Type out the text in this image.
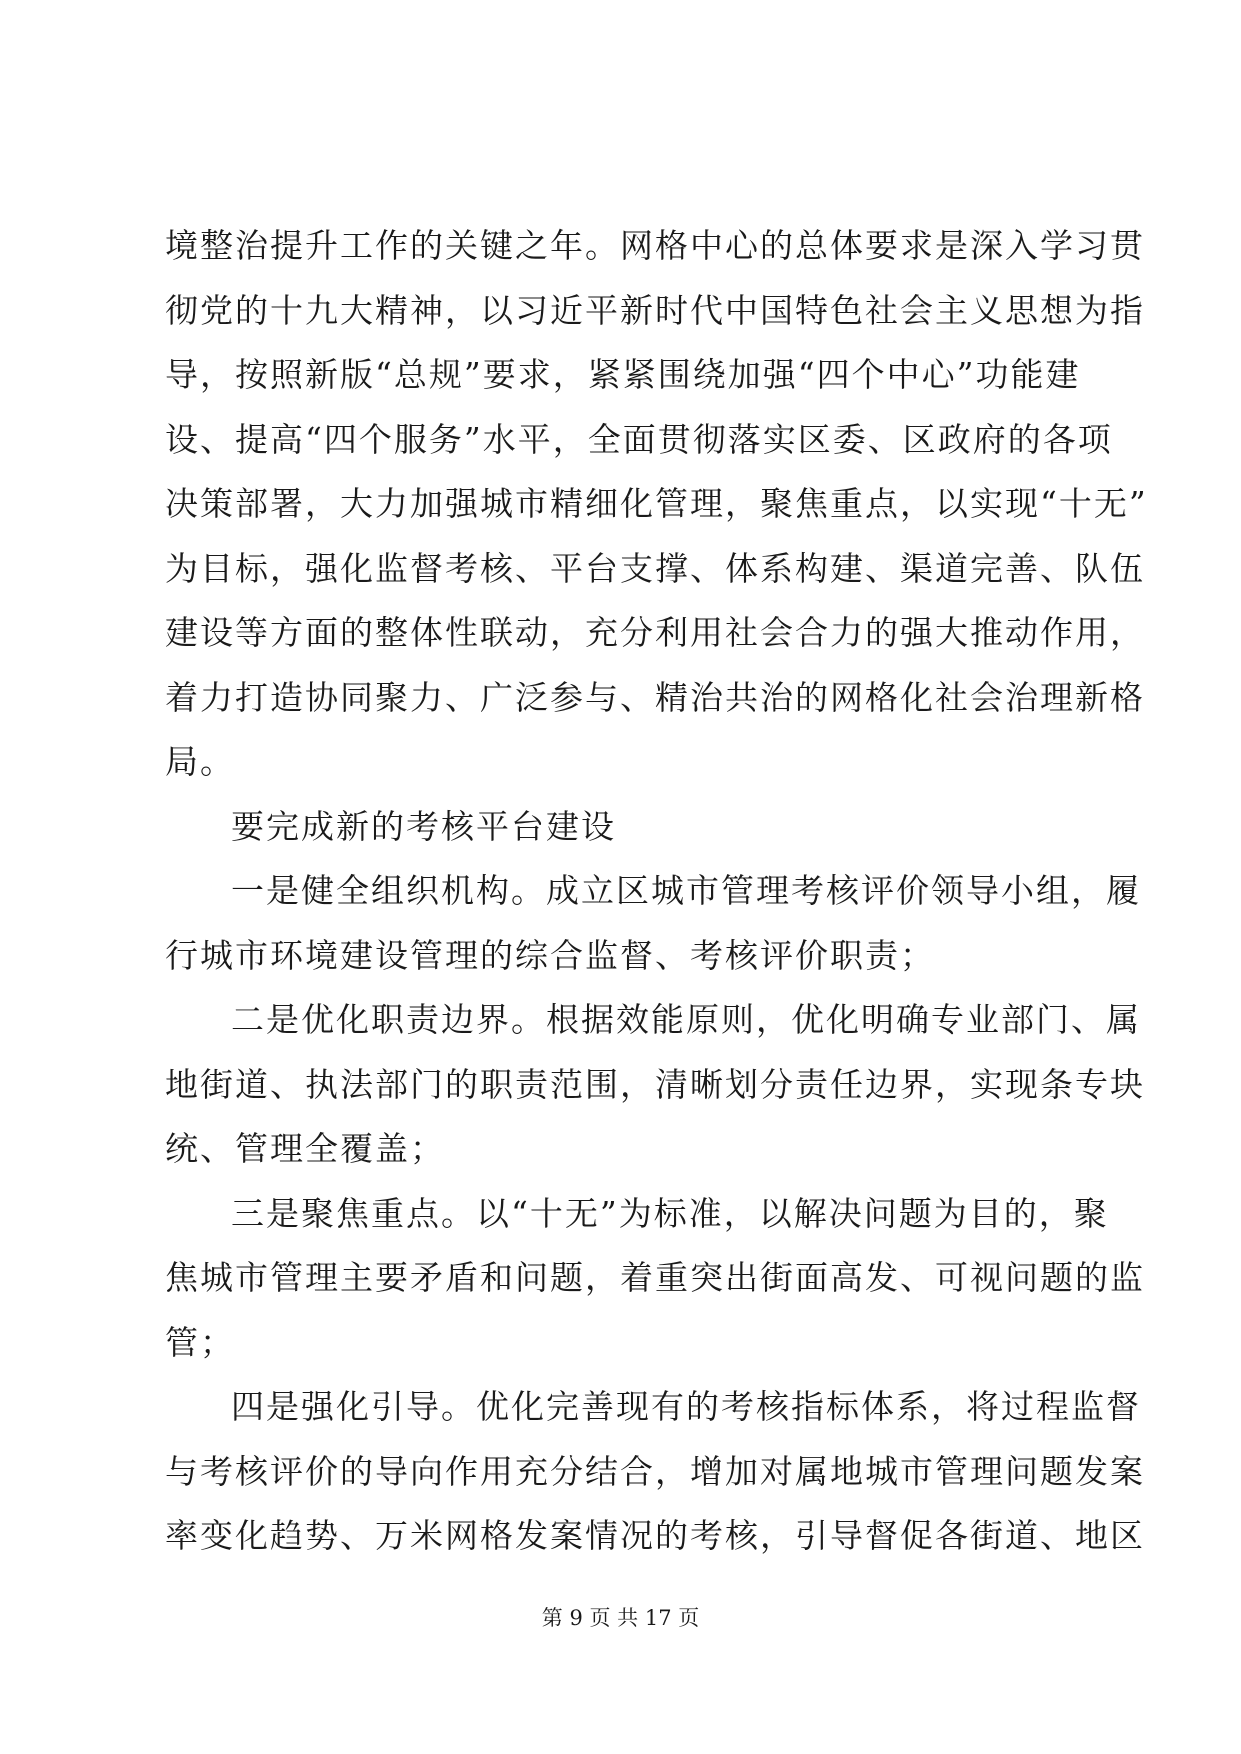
境整治提升工作的关键之年。网格中心的总体要求是深入学习贯
彻党的十九大精神，以习近平新时代中国特色社会主义思想为指
导，按照新版“总规”要求，紧紧围绕加强“四个中心”功能建
设、提高“四个服务”水平，全面贯彻落实区委、区政府的各项
决策部署，大力加强城市精细化管理，聚焦重点，以实现“十无”
为目标，强化监督考核、平台支撑、体系构建、渠道完善、队伍
建设等方面的整体性联动，充分利用社会合力的强大推动作用，
着力打造协同聚力、广泛参与、精治共治的网格化社会治理新格
局。
要完成新的考核平台建设
一是健全组织机构。成立区城市管理考核评价领导小组，履
行城市环境建设管理的综合监督、考核评价职责；
二是优化职责边界。根据效能原则，优化明确专业部门、属
地街道、执法部门的职责范围，清晰划分责任边界，实现条专块
统、管理全覆盖；
三是聚焦重点。以“十无”为标准，以解决问题为目的，聚
焦城市管理主要矛盾和问题，着重突出街面高发、可视问题的监
管；
四是强化引导。优化完善现有的考核指标体系，将过程监督
与考核评价的导向作用充分结合，增加对属地城市管理问题发案
率变化趋势、万米网格发案情况的考核，引导督促各街道、地区
第 9 页 共 17 页
